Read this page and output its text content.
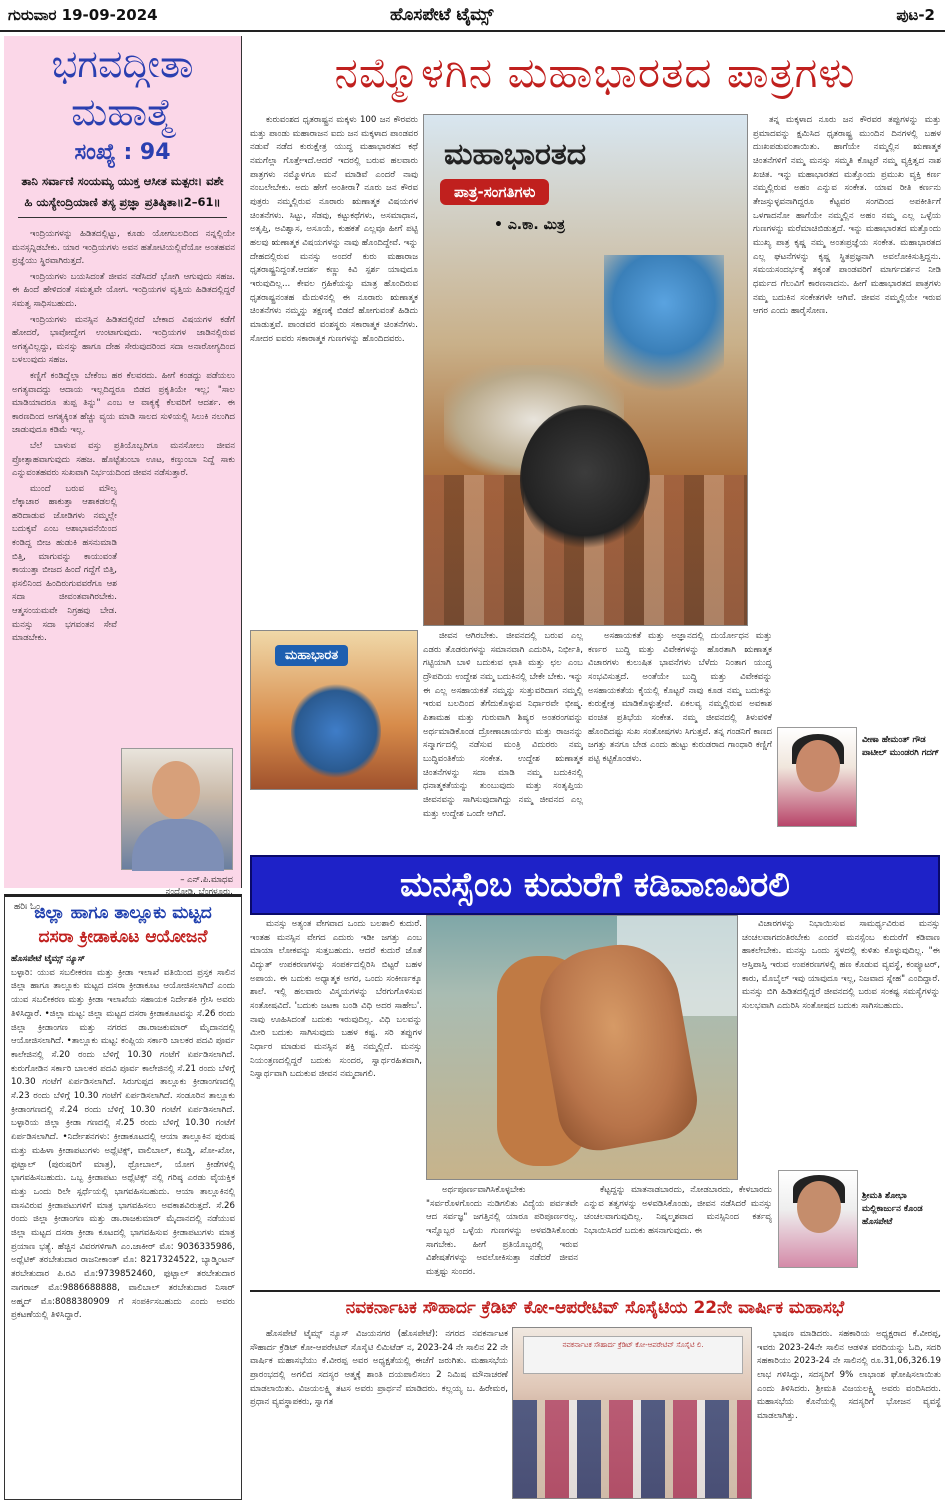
ಗುರುವಾರ 19-09-2024	ಹೊಸಪೇಟೆ ಟೈಮ್ಸ್	ಪುಟ-2
ಭಗವದ್ಗೀತಾ
ಮಹಾತ್ಮೆ
ಸಂಖ್ಯೆ : 94
ತಾನಿ ಸರ್ವಾಣಿ ಸಂಯಮ್ಯ ಯುಕ್ತ ಆಸೀತ ಮತ್ಪರಃ। ವಶೇ ಹಿ ಯಸ್ಯೇಂದ್ರಿಯಾಣಿ ತಸ್ಯ ಪ್ರಜ್ಞಾ ಪ್ರತಿಷ್ಠಿತಾ॥2–61॥

ಇಂದ್ರಿಯಗಳನ್ನು ಹಿಡಿತದಲ್ಲಿಟ್ಟು, ಕೂಡು ಯೋಗಬಲದಿಂದ ನನ್ನಲ್ಲಿಯೇ ಮನಸ್ಸನ್ನಿಡಬೇಕು. ಯಾರ ಇಂದ್ರಿಯಗಳು ಅವನ ಹತೋಟಿಯಲ್ಲಿವೆಯೋ ಅಂತಹವನ ಪ್ರಜ್ಞೆಯು ಸ್ಥಿರವಾಗಿರುತ್ತದೆ.

ಇಂದ್ರಿಯಗಳು ಬಯಸಿದಂತೆ ಜೀವನ ನಡೆಸಿದರೆ ಭೋಗಿ ಆಗುವುದು ಸಹಜ. ಈ ಹಿಂದೆ ಹೇಳಿದಂತೆ ಸಮತ್ವವೇ ಯೋಗ. ಇಂದ್ರಿಯಗಳ ವೃತ್ತಿಯ ಹಿಡಿತದಲ್ಲಿದ್ದರೆ ಸಮತ್ವ ಸಾಧಿಸಬಹುದು.

ಇಂದ್ರಿಯಗಳು ಮನಸ್ಸಿನ ಹಿಡಿತದಲ್ಲಿರದೆ ಬೇಕಾದ ವಿಷಯಗಳ ಕಡೆಗೆ ಹೋದರೆ, ಭಾವೋದ್ವೇಗ ಉಂಟಾಗುವುದು. ಇಂದ್ರಿಯಗಳ ಜಾಡಿನಲ್ಲಿರುವ ಅಗತ್ಯವಿಲ್ಲದ್ದು, ಮನಸ್ಸು ಹಾಗೂ ದೇಹ ಸೇರುವುದರಿಂದ ಸದಾ ಅನಾರೋಗ್ಯದಿಂದ ಬಳಲುವುದು ಸಹಜ.

ಕಣ್ಣಿಗೆ ಕಂಡಿದ್ದೆಲ್ಲಾ ಬೇಕೆಂಬ ಹಠ ಕೆಲವರದು. ಹೀಗೆ ಕಂಡದ್ದು ಪಡೆಯಲು ಅಗತ್ಯವಾದದ್ದು ಆದಾಯ ಇಲ್ಲದಿದ್ದರೂ ಬಿಡದ ಪ್ರಕೃತಿಯೇ ಇಲ್ಲ; "ಸಾಲ ಮಾಡಿಯಾದರೂ ತುಪ್ಪ ತಿನ್ನು" ಎಂಬ ಆ ವಾಕ್ಯಕ್ಕೆ ಕೆಲವರಿಗೆ ಆದರ್ಶ. ಈ ಕಾರಣದಿಂದ ಅಗತ್ಯಕ್ಕಿಂತ ಹೆಚ್ಚು ವ್ಯಯ ಮಾಡಿ ಸಾಲದ ಸುಳಿಯಲ್ಲಿ ಸಿಲುಕಿ ನಲುಗಿದ ಜಾಡುವುದೂ ಕಡಿಮೆ ಇಲ್ಲ.

ಬೆಲೆ ಬಾಳುವ ವಸ್ತು ಪ್ರತಿಯೊಬ್ಬರಿಗೂ ಮನಸೋಲು ಜೀವನ ಪ್ರೋತ್ಸಾಹವಾಗುವುದು ಸಹಜ. ಹೊಟ್ಟೆತುಂಬಾ ಊಟ, ಕಣ್ತುಂಬಾ ನಿದ್ದೆ ಸಾಕು ಎನ್ನುವಂತಹವರು ಸುಖವಾಗಿ ನಿರ್ಭಯದಿಂದ ಜೀವನ ನಡೆಸುತ್ತಾರೆ.

ಮುಂದೆ ಬರುವ ಮೌಲ್ಯ ಲೆಕ್ಕಾಚಾರ ಹಾಕುತ್ತಾ ಆಶಾಕಡಲಲ್ಲಿ ಹರಿದಾಡುವ ಜೋಡಿಗಳು ನಮ್ಮಲ್ಲೇ ಬದುಕ್ಕವೆ ಎಂಬ ಆಶಾಭಾವನೆಯಿಂದ ಕಂಡಿದ್ದ ಬೀಜ ಹುಡುಕಿ ಹಸನುಮಾಡಿ ಬಿತ್ತಿ, ಮಾಗುವನ್ನು ಕಾಯುವಂತೆ ಕಾಯುತ್ತಾ ಬೀಜದ ಹಿಂದೆ ಗದ್ದೆಗೆ ಬಿತ್ತಿ, ಫಸಲಿನಿಂದ ಹಿಂದಿರುಗುವವರೆಗೂ ಆಶ ಸದಾ ಜೀವಂತವಾಗಿರಬೇಕು. ಆತ್ಮಸಂಯಮವೇ ನಿಗ್ರಹವು ಬೇಡ. ಮನಸ್ಸು ಸದಾ ಭಗವಂತನ ಸೇವೆ ಮಾಡಬೇಕು.

– ಎನ್.ಪಿ.ಮಾಧವ
ನಂದೋಡಿ, ಬೆಂಗಳೂರು.
ಹರಿಃ ಓಂ
ಜಿಲ್ಲಾ ಹಾಗೂ ತಾಲ್ಲೂಕು ಮಟ್ಟದ
ದಸರಾ ಕ್ರೀಡಾಕೂಟ ಆಯೋಜನೆ
ಹೊಸಪೇಟೆ ಟೈಮ್ಸ್ ನ್ಯೂಸ್
ಬಳ್ಳಾರಿ: ಯುವ ಸಬಲೀಕರಣ ಮತ್ತು ಕ್ರೀಡಾ ಇಲಾಖೆ ವತಿಯಿಂದ ಪ್ರಸ್ತಕ ಸಾಲಿನ ಜಿಲ್ಲಾ ಹಾಗೂ ತಾಲ್ಲೂಕು ಮಟ್ಟದ ದಸರಾ ಕ್ರೀಡಾಕೂಟ ಆಯೋಜಿಸಲಾಗಿದೆ ಎಂದು ಯುವ ಸಬಲೀಕರಣ ಮತ್ತು ಕ್ರೀಡಾ ಇಲಾಖೆಯ ಸಹಾಯಕ ನಿರ್ದೇಶಕಿ ಗ್ರೇಸಿ ಅವರು ತಿಳಿಸಿದ್ದಾರೆ. •ಜಿಲ್ಲಾ ಮಟ್ಟ: ಜಿಲ್ಲಾ ಮಟ್ಟದ ದಸರಾ ಕ್ರೀಡಾಕೂಟವನ್ನು ಸೆ.26 ರಂದು ಜಿಲ್ಲಾ ಕ್ರೀಡಾಂಗಣ ಮತ್ತು ನಗರದ ಡಾ.ರಾಜಕುಮಾರ್ ಮೈದಾನದಲ್ಲಿ ಆಯೋಜಿಸಲಾಗಿದೆ. •ತಾಲ್ಲೂಕು ಮಟ್ಟ: ಕಂಪ್ಲಿಯ ಸರ್ಕಾರಿ ಬಾಲಕರ ಪದವಿ ಪೂರ್ವ ಕಾಲೇಜಿನಲ್ಲಿ ಸೆ.20 ರಂದು ಬೆಳಿಗ್ಗೆ 10.30 ಗಂಟೆಗೆ ಏರ್ಪಡಿಸಲಾಗಿದೆ. ಕುರುಗೋಡಿನ ಸರ್ಕಾರಿ ಬಾಲಕರ ಪದವಿ ಪೂರ್ವ ಕಾಲೇಜಿನಲ್ಲಿ ಸೆ.21 ರಂದು ಬೆಳಿಗ್ಗೆ 10.30 ಗಂಟೆಗೆ ಏರ್ಪಡಿಸಲಾಗಿದೆ. ಸಿರುಗುಪ್ಪದ ತಾಲ್ಲೂಕು ಕ್ರೀಡಾಂಗಣದಲ್ಲಿ ಸೆ.23 ರಂದು ಬೆಳಿಗ್ಗೆ 10.30 ಗಂಟೆಗೆ ಏರ್ಪಡಿಸಲಾಗಿದೆ. ಸಂಡೂರಿನ ತಾಲ್ಲೂಕು ಕ್ರೀಡಾಂಗಣದಲ್ಲಿ ಸೆ.24 ರಂದು ಬೆಳಿಗ್ಗೆ 10.30 ಗಂಟೆಗೆ ಏರ್ಪಡಿಸಲಾಗಿದೆ. ಬಳ್ಳಾರಿಯ ಜಿಲ್ಲಾ ಕ್ರೀಡಾ ಗಣದಲ್ಲಿ ಸೆ.25 ರಂದು ಬೆಳಿಗ್ಗೆ 10.30 ಗಂಟೆಗೆ ಏರ್ಪಡಿಸಲಾಗಿದೆ. •ನಿರ್ದೇಶನಗಳು: ಕ್ರೀಡಾಕೂಟದಲ್ಲಿ ಆಯಾ ತಾಲ್ಲೂಕಿನ ಪುರುಷ ಮತ್ತು ಮಹಿಳಾ ಕ್ರೀಡಾಪಟುಗಳು ಅಥ್ಲೆಟಿಕ್ಸ್, ವಾಲಿಬಾಲ್, ಕಬಡ್ಡಿ, ಖೋ-ಖೋ, ಫುಟ್ಬಾಲ್ (ಪುರುಷರಿಗೆ ಮಾತ್ರ), ಥ್ರೋಬಾಲ್, ಯೋಗ ಕ್ರೀಡೆಗಳಲ್ಲಿ ಭಾಗವಹಿಸಬಹುದು. ಒಬ್ಬ ಕ್ರೀಡಾಪಟು ಅಥ್ಲೆಟಿಕ್ಸ್ ನಲ್ಲಿ ಗರಿಷ್ಠ ಎರಡು ವೈಯಕ್ತಿಕ ಮತ್ತು ಒಂದು ರಿಲೇ ಸ್ಪರ್ಧೆಯಲ್ಲಿ ಭಾಗವಹಿಸಬಹುದು. ಆಯಾ ತಾಲ್ಲೂಕಿನಲ್ಲಿ ವಾಸವಿರುವ ಕ್ರೀಡಾಪಟುಗಳಿಗೆ ಮಾತ್ರ ಭಾಗವಹಿಸಲು ಅವಕಾಶವಿರುತ್ತದೆ. ಸೆ.26 ರಂದು ಜಿಲ್ಲಾ ಕ್ರೀಡಾಂಗಣ ಮತ್ತು ಡಾ.ರಾಜಕುಮಾರ್ ಮೈದಾನದಲ್ಲಿ ನಡೆಯುವ ಜಿಲ್ಲಾ ಮಟ್ಟದ ದಸರಾ ಕ್ರೀಡಾ ಕೂಟದಲ್ಲಿ ಭಾಗವಹಿಸುವ ಕ್ರೀಡಾಪಟುಗಳು ಮಾತ್ರ ಪ್ರಯಾಣ ಭತ್ಯೆ. ಹೆಚ್ಚಿನ ವಿವರಗಳಿಗಾಗಿ ಎಂ.ಜಾಕೀರ್ ಮೊ: 9036335986, ಅಥ್ಲೆಟಿಕ್ ತರಬೇತುದಾರ ರಾಜನೀಕಾಂತ್ ಮೊ: 8217324522, ಬ್ಯಾಡ್ಮಿಂಟನ್ ತರಬೇತುದಾರ ಪಿ.ರವಿ ಮೊ:9739852460, ಫುಟ್ಬಾಲ್ ತರಬೇತುದಾರ ನಾಗರಾಜ್ ಮೊ:9886688888, ವಾಲಿಬಾಲ್ ತರಬೇತುದಾರ ನಿಸಾರ್ ಅಹ್ಮದ್ ಮೊ:8088380909 ಗೆ ಸಂಪರ್ಕಿಸಬಹುದು ಎಂದು ಅವರು ಪ್ರಕಟಣೆಯಲ್ಲಿ ತಿಳಿಸಿದ್ದಾರೆ.
ನಮ್ಮೊಳಗಿನ ಮಹಾಭಾರತದ ಪಾತ್ರಗಳು

ಕುರುವಂಶದ ಧೃತರಾಷ್ಟ್ರನ ಮಕ್ಕಳು 100 ಜನ ಕೌರವರು ಮತ್ತು ಪಾಂಡು ಮಹಾರಾಜನ ಐದು ಜನ ಮಕ್ಕಳಾದ ಪಾಂಡವರ ನಡುವೆ ನಡೆದ ಕುರುಕ್ಷೇತ್ರ ಯುದ್ಧ ಮಹಾಭಾರತದ ಕಥೆ ನಮಗೆಲ್ಲಾ ಗೊತ್ತೇಇದೆ.ಆದರೆ ಇದರಲ್ಲಿ ಬರುವ ಹಲವಾರು ಪಾತ್ರಗಳು ನಮ್ಮೊಳಗೂ ಮನೆ ಮಾಡಿವೆ ಎಂದರೆ ನಾವು ನಂಬಲೇಬೇಕು. ಅದು ಹೇಗೆ ಅಂತೀರಾ? ನೂರು ಜನ ಕೌರವ ಪುತ್ರರು ನಮ್ಮಲ್ಲಿರುವ ನೂರಾರು ಋಣಾತ್ಮಕ ವಿಷಯಗಳ ಚಿಂತನೆಗಳು. ಸಿಟ್ಟು, ಸೆಡವು, ಕಟ್ಟುಕಥೆಗಳು, ಅಸಮಾಧಾನ, ಅತೃಪ್ತಿ, ಅವಿಶ್ವಾಸ, ಅಸೂಯೆ, ಕುಹಕತೆ ಎಲ್ಲವೂ ಹೀಗೆ ಪಟ್ಟಿ ಹಲವು ಋಣಾತ್ಮಕ ವಿಷಯಗಳನ್ನು ನಾವು ಹೊಂದಿದ್ದೇವೆ. ಇನ್ನು ದೇಹದಲ್ಲಿರುವ ಮನಸ್ಸು ಅಂದರೆ ಕುರು ಮಹಾರಾಜ ಧೃತರಾಷ್ಟ್ರನಿದ್ದಂತೆ.ಆದರ್ಶ ಕಣ್ಣು ಕಿವಿ ಸ್ಪರ್ಶ ಯಾವುದೂ ಇರುವುದಿಲ್ಲ... ಕೇವಲ ಗ್ರಹಿಕೆಯನ್ನು ಮಾತ್ರ ಹೊಂದಿರುವ ಧೃತರಾಷ್ಟ್ರನಂತಹ ಮೆದುಳಿನಲ್ಲಿ ಈ ನೂರಾರು ಋಣಾತ್ಮಕ ಚಿಂತನೆಗಳು ನಮ್ಮನ್ನು ತಕ್ಷಣಕ್ಕೆ ಬಿಡದೆ ಹೋಗುವಂತೆ ಹಿಡಿದು ಮಾಡುತ್ತವೆ. ಪಾಂಡವರ ವಂಶಸ್ಥರು ಸಕಾರಾತ್ಮಕ ಚಿಂತನೆಗಳು. ಸೋದರ ಐವರು ಸಕಾರಾತ್ಮಕ ಗುಣಗಳನ್ನು ಹೊಂದಿದವರು.

ಮಹಾಭಾರತದ
ಪಾತ್ರ-ಸಂಗತಿಗಳು
• ಎ.ಕಾ. ಮಿತ್ರ

ತನ್ನ ಮಕ್ಕಳಾದ ನೂರು ಜನ ಕೌರವರ ತಪ್ಪುಗಳನ್ನು ಮತ್ತು ಪ್ರಮಾದವನ್ನು ಕ್ಷಮಿಸಿದ ಧೃತರಾಷ್ಟ್ರ ಮುಂದಿನ ದಿನಗಳಲ್ಲಿ ಬಹಳ ದುಃಖಪಡುವಂತಾಯಿತು. ಹಾಗೆಯೇ ನಮ್ಮಲ್ಲಿನ ಋಣಾತ್ಮಕ ಚಿಂತನೆಗಳಿಗೆ ನಮ್ಮ ಮನಸ್ಸು ಸಮ್ಮತಿ ಕೊಟ್ಟರೆ ನಮ್ಮ ವ್ಯಕ್ತಿತ್ವದ ನಾಶ ಖಚಿತ. ಇನ್ನು ಮಹಾಭಾರತದ ಮತ್ತೊಂದು ಪ್ರಮುಖ ವ್ಯಕ್ತಿ ಕರ್ಣ ನಮ್ಮಲ್ಲಿರುವ ಅಹಂ ಎನ್ನುವ ಸಂಕೇತ. ಯಾವ ರೀತಿ ಕರ್ಣನು ತೇಜಸ್ಸುಳ್ಳವನಾಗಿದ್ದರೂ ಕೆಟ್ಟವರ ಸಂಗದಿಂದ ಅಪಕೀರ್ತಿಗೆ ಒಳಗಾದನೋ ಹಾಗೆಯೇ ನಮ್ಮಲ್ಲಿನ ಅಹಂ ನಮ್ಮ ಎಲ್ಲ ಒಳ್ಳೆಯ ಗುಣಗಳನ್ನು ಮರೆಮಾಚಿಬಿಡುತ್ತದೆ. ಇನ್ನು ಮಹಾಭಾರತದ ಮತ್ತೊಂದು ಮುಖ್ಯ ಪಾತ್ರ ಕೃಷ್ಣ ನಮ್ಮ ಅಂತಃಪ್ರಜ್ಞೆಯ ಸಂಕೇತ. ಮಹಾಭಾರತದ ಎಲ್ಲ ಘಟನೆಗಳನ್ನು ಕೃಷ್ಣ ಸ್ಥಿತಪ್ರಜ್ಞನಾಗಿ ಅವಲೋಕಿಸುತ್ತಿದ್ದನು. ಸಮಯಸಂದರ್ಭಕ್ಕೆ ತಕ್ಕಂತೆ ಪಾಂಡವರಿಗೆ ಮಾರ್ಗದರ್ಶನ ನೀಡಿ ಧರ್ಮದ ಗೆಲುವಿಗೆ ಕಾರಣನಾದನು. ಹೀಗೆ ಮಹಾಭಾರತದ ಪಾತ್ರಗಳು ನಮ್ಮ ಬದುಕಿನ ಸಂಕೇತಗಳೇ ಆಗಿವೆ. ಜೀವನ ನಮ್ಮಲ್ಲಿಯೇ ಇರುವ ಆಗರ ಎಂದು ಹಾರೈಸೋಣ.

ಮಹಾಭಾರತ

ಜೀವನ ಆಗಿರಬೇಕು. ಜೀವನದಲ್ಲಿ ಬರುವ ಎಲ್ಲ ಎಡರು ತೊಡರುಗಳನ್ನು ಸಮಾನವಾಗಿ ಎದುರಿಸಿ, ನಿರ್ಭೀತಿ, ಗಟ್ಟಿಯಾಗಿ ಬಾಳಿ ಬದುಕುವ ಛಾತಿ ಮತ್ತು ಛಲ ಎಂಬ ದ್ರೌಪದಿಯ ಉದ್ದೇಶ ನಮ್ಮ ಬದುಕಿನಲ್ಲಿ ಬೇಕೇ ಬೇಕು. ಇನ್ನು ಈ ಎಲ್ಲ ಅಸಹಾಯಕತೆ ನಮ್ಮನ್ನು ಸುತ್ತುವರಿದಾಗ ನಮ್ಮಲ್ಲಿ ಇರುವ ಬಲದಿಂದ ತೆಗೆದುಕೊಳ್ಳುವ ನಿರ್ಧಾರವೇ ಭೀಷ್ಮ. ಪಿತಾಮಹ ಮತ್ತು ಗುರುವಾಗಿ ಶಿಷ್ಯರ ಅಂತರಂಗವನ್ನು ಅರ್ಥಮಾಡಿಕೊಂಡ ದ್ರೋಣಾಚಾರ್ಯರು ಮತ್ತು ರಾಜನನ್ನು ಸನ್ಮಾರ್ಗದಲ್ಲಿ ನಡೆಸುವ ಮಂತ್ರಿ ವಿದುರರು ನಮ್ಮ ಬುದ್ಧಿವಂತಿಕೆಯ ಸಂಕೇತ. ಉದ್ದೇಶ ಋಣಾತ್ಮಕ ಚಿಂತನೆಗಳನ್ನು ಸದಾ ಮಾಡಿ ನಮ್ಮ ಬದುಕಿನಲ್ಲಿ ಧನಾತ್ಮಕತೆಯನ್ನು ತುಂಬುವುದು ಮತ್ತು ಸಂತೃಪ್ತಿಯ ಜೀವನವನ್ನು ಸಾಗಿಸುವುದಾಗಿದ್ದು ನಮ್ಮ ಜೀವನದ ಎಲ್ಲ ಮತ್ತು ಉದ್ದೇಶ ಒಂದೇ ಆಗಿದೆ.

ಅಸಹಾಯಕತೆ ಮತ್ತು ಅಜ್ಞಾನದಲ್ಲಿ ದುರ್ಯೋಧನ ಮತ್ತು ಕರ್ಣರ ಬುದ್ಧಿ ಮತ್ತು ವಿವೇಕಗಳನ್ನು ಹೊರತಾಗಿ ಋಣಾತ್ಮಕ ವಿಚಾರಗಳು ಕುಲುಷಿತ ಭಾವನೆಗಳು ಬೆಳೆದು ನಿಂತಾಗ ಯುದ್ಧ ಸಂಭವಿಸುತ್ತದೆ. ಅಂತೆಯೇ ಬುದ್ಧಿ ಮತ್ತು ವಿವೇಕವನ್ನು ಅಸಹಾಯಕತೆಯ ಕೈಯಲ್ಲಿ ಕೊಟ್ಟರೆ ನಾವು ಕೂಡ ನಮ್ಮ ಬದುಕನ್ನು ಕುರುಕ್ಷೇತ್ರ ಮಾಡಿಕೊಳ್ಳುತ್ತೇವೆ. ಏಕಲವ್ಯ ನಮ್ಮಲ್ಲಿರುವ ಅವಕಾಶ ವಂಚಿತ ಪ್ರತಿಭೆಯ ಸಂಕೇತ. ನಮ್ಮ ಜೀವನದಲ್ಲಿ ತಿಳುವಳಿಕೆ ಹೊಂದಿದಷ್ಟು ಸುಖ ಸಂತೋಷಗಳು ಸಿಗುತ್ತವೆ. ತನ್ನ ಗಂಡನಿಗೆ ಕಾಣದ ಜಗತ್ತು ತನಗೂ ಬೇಡ ಎಂದು ಹುಟ್ಟು ಕುರುಡರಾದ ಗಾಂಧಾರಿ ಕಣ್ಣಿಗೆ ಪಟ್ಟಿ ಕಟ್ಟಿಕೊಂಡಳು.

ವೀಣಾ ಹೇಮಂತ್ ಗೌಡ ಪಾಟೀಲ್ ಮುಂಡರಗಿ ಗದಗ್
ಮನಸ್ಸೆಂಬ ಕುದುರೆಗೆ ಕಡಿವಾಣವಿರಲಿ

ಮನಸ್ಸು ಅತ್ಯಂತ ವೇಗವಾದ ಒಂದು ಬಲಶಾಲಿ ಕುದುರೆ. ಇಂತಹ ಮನಸ್ಸಿನ ವೇಗದ ಎದುರು ಇಡೀ ಜಗತ್ತು ಎಂಬ ಮಾಯಾ ಲೋಕವನ್ನು ಸುತ್ತಬಹುದು. ಆದರೆ ಕುದುರೆ ಜೊತೆ ವಿದ್ಯುತ್ ಉಪಕರಣಗಳನ್ನು ಸಂಪರ್ಕದಲ್ಲಿರಿಸಿ ಬಿಟ್ಟರೆ ಬಹಳ ಅಪಾಯ. ಈ ಬದುಕು ಅಧ್ಯಾತ್ಮಕ ಅಗರ, ಒಂದು ಸಂಕೀರ್ಣಕ್ಕೂ ಶಾಲೆ. ಇಲ್ಲಿ ಹಲವಾರು ವಿಸ್ಮಯಗಳನ್ನು ಬೆರಗುಗೊಳಿಸುವ ಸಂತೋಷವಿದೆ. 'ಬದುಕು ಜಟಕಾ ಬಂಡಿ ವಿಧಿ ಅದರ ಸಾಹೇಬ'. ನಾವು ಊಹಿಸಿದಂತೆ ಬದುಕು ಇರುವುದಿಲ್ಲ. ವಿಧಿ ಬಲವನ್ನು ಮೀರಿ ಬದುಕು ಸಾಗಿಸುವುದು ಬಹಳ ಕಷ್ಟ. ಸರಿ ತಪ್ಪುಗಳ ನಿರ್ಧಾರ ಮಾಡುವ ಮನಸ್ಸಿನ ಶಕ್ತಿ ನಮ್ಮಲ್ಲಿದೆ. ಮನಸ್ಸು ನಿಯಂತ್ರಣದಲ್ಲಿದ್ದರೆ ಬದುಕು ಸುಂದರ, ಸ್ವಾರ್ಥರಹಿತವಾಗಿ, ನಿಸ್ವಾರ್ಥವಾಗಿ ಬದುಕುವ ಜೀವನ ನಮ್ಮದಾಗಲಿ.

ವಿಚಾರಗಳನ್ನು ನಿಭಾಯಿಸುವ ಸಾಮರ್ಥ್ಯವಿರುವ ಮನಸ್ಸು ಚಂಚಲವಾಗದಂತಿರಬೇಕು ಎಂದರೆ ಮನಸ್ಸೆಂಬ ಕುದುರೆಗೆ ಕಡಿವಾಣ ಹಾಕಲೇಬೇಕು. ಮನಸ್ಸು ಒಂದು ಸ್ಥಳದಲ್ಲಿ ಕುಳಿತು ಕೊಳ್ಳುವುದಿಲ್ಲ. "ಈ ಆಸ್ತಿಪಾಸ್ತಿ ಇರುವ ಉಪಕರಣಗಳಲ್ಲಿ ಹಣ ಕೊಡುವ ವ್ಯವಸ್ಥೆ, ಕಂಪ್ಯೂಟರ್, ಕಾರು, ಮೊಬೈಲ್ ಇವು ಯಾವುದೂ ಇಲ್ಲ, ನಿಜವಾದ ಸ್ನೇಹ" ಎಂದಿದ್ದಾರೆ. ಮನಸ್ಸು ಬಿಗಿ ಹಿಡಿತದಲ್ಲಿದ್ದರೆ ಜೀವನದಲ್ಲಿ ಬರುವ ಸಂಕಷ್ಟ ಸಮಸ್ಯೆಗಳನ್ನು ಸುಲಭವಾಗಿ ಎದುರಿಸಿ ಸಂತೋಷದ ಬದುಕು ಸಾಗಿಸಬಹುದು.

ಅರ್ಥಪೂರ್ಣವಾಗಿಸಿಕೊಳ್ಳಬೇಕು "ಸರ್ವರೊಳಗೊಂದು ನುಡಿಗಲಿತು ವಿದ್ಯೆಯ ಪರ್ವತವೇ ಆದ ಸರ್ವಜ್ಞ" ಜಗತ್ತಿನಲ್ಲಿ ಯಾರೂ ಪರಿಪೂರ್ಣರಲ್ಲ. ಇನ್ನೊಬ್ಬರ ಒಳ್ಳೆಯ ಗುಣಗಳನ್ನು ಅಳವಡಿಸಿಕೊಂಡು ಸಾಗಬೇಕು. ಹೀಗೆ ಪ್ರತಿಯೊಬ್ಬರಲ್ಲಿ ಇರುವ ವಿಶೇಷತೆಗಳನ್ನು ಅವಲೋಕಿಸುತ್ತಾ ನಡೆದರೆ ಜೀವನ ಮತ್ತಷ್ಟು ಸುಂದರ.

ಕೆಟ್ಟದ್ದನ್ನು ಮಾತನಾಡಬಾರದು, ನೋಡಬಾರದು, ಕೇಳಬಾರದು ಎನ್ನುವ ತತ್ವಗಳನ್ನು ಅಳವಡಿಸಿಕೊಂಡು, ಜೀವನ ನಡೆಸಿದರೆ ಮನಸ್ಸು ಚಂಚಲವಾಗುವುದಿಲ್ಲ. ನಿಷ್ಕಲ್ಮಶವಾದ ಮನಸ್ಸಿನಿಂದ ಕರ್ತವ್ಯ ನಿಭಾಯಿಸಿದರೆ ಬದುಕು ಹಸನಾಗುವುದು. ಈ

ಶ್ರೀಮತಿ ಶೋಭಾ ಮಲ್ಲಿಕಾರ್ಜುನ ಕೊಂಡ ಹೊಸಪೇಟೆ
ನವಕರ್ನಾಟಕ ಸೌಹಾರ್ದ ಕ್ರೆಡಿಟ್ ಕೋ-ಆಪರೇಟಿವ್ ಸೊಸೈಟಿಯ 22ನೇ ವಾರ್ಷಿಕ ಮಹಾಸಭೆ

ಹೊಸಪೇಟೆ ಟೈಮ್ಸ್ ನ್ಯೂಸ್ ವಿಜಯನಗರ (ಹೊಸಪೇಟೆ): ನಗರದ ನವಕರ್ನಾಟಕ ಸೌಹಾರ್ದ ಕ್ರೆಡಿಟ್ ಕೋ-ಆಪರೇಟಿವ್ ಸೊಸೈಟಿ ಲಿಮಿಟೆಡ್ ನ, 2023-24 ನೇ ಸಾಲಿನ 22 ನೇ ವಾರ್ಷಿಕ ಮಹಾಸಭೆಯು ಕೆ.ವೀರಪ್ಪ ಅವರ ಅಧ್ಯಕ್ಷತೆಯಲ್ಲಿ ಈಚೆಗೆ ಜರುಗಿತು. ಮಹಾಸಭೆಯ ಪ್ರಾರಂಭದಲ್ಲಿ ಅಗಲಿದ ಸದಸ್ಯರ ಆತ್ಮಕ್ಕೆ ಶಾಂತಿ ದಯಪಾಲಿಸಲು 2 ನಿಮಿಷ ಮೌನಾಚರಣೆ ಮಾಡಲಾಯಿತು. ವಿಜಯಲಕ್ಷ್ಮಿ ತಟಸ ಅವರು ಪ್ರಾರ್ಥನೆ ಮಾಡಿದರು. ಕಲ್ಲಯ್ಯ ಬ. ಹಿರೇಮಠ, ಪ್ರಧಾನ ವ್ಯವಸ್ಥಾಪಕರು, ಸ್ವಾಗತ

ನವಕರ್ನಾಟಕ ಸೌಹಾರ್ದ ಕ್ರೆಡಿಟ್ ಕೋ-ಆಪರೇಟಿವ್ ಸೊಸೈಟಿ ಲಿ.

ಭಾಷಣ ಮಾಡಿದರು. ಸಹಕಾರಿಯ ಅಧ್ಯಕ್ಷರಾದ ಕೆ.ವೀರಪ್ಪ, ಇವರು 2023-24ನೇ ಸಾಲಿನ ಆಡಳಿತ ವರದಿಯನ್ನು ಓದಿ, ಸದರಿ ಸಹಕಾರಿಯು 2023-24 ನೇ ಸಾಲಿನಲ್ಲಿ ರೂ.31,06,326.19 ಲಾಭ ಗಳಿಸಿದ್ದು, ಸದಸ್ಯರಿಗೆ 9% ಲಾಭಾಂಶ ಘೋಷಿಸಲಾಯಿತು ಎಂದು ತಿಳಿಸಿದರು. ಶ್ರೀಮತಿ ವಿಜಯಲಕ್ಷ್ಮಿ ಅವರು ವಂದಿಸಿದರು. ಮಹಾಸಭೆಯ ಕೊನೆಯಲ್ಲಿ ಸದಸ್ಯರಿಗೆ ಭೋಜನ ವ್ಯವಸ್ಥೆ ಮಾಡಲಾಗಿತ್ತು.
